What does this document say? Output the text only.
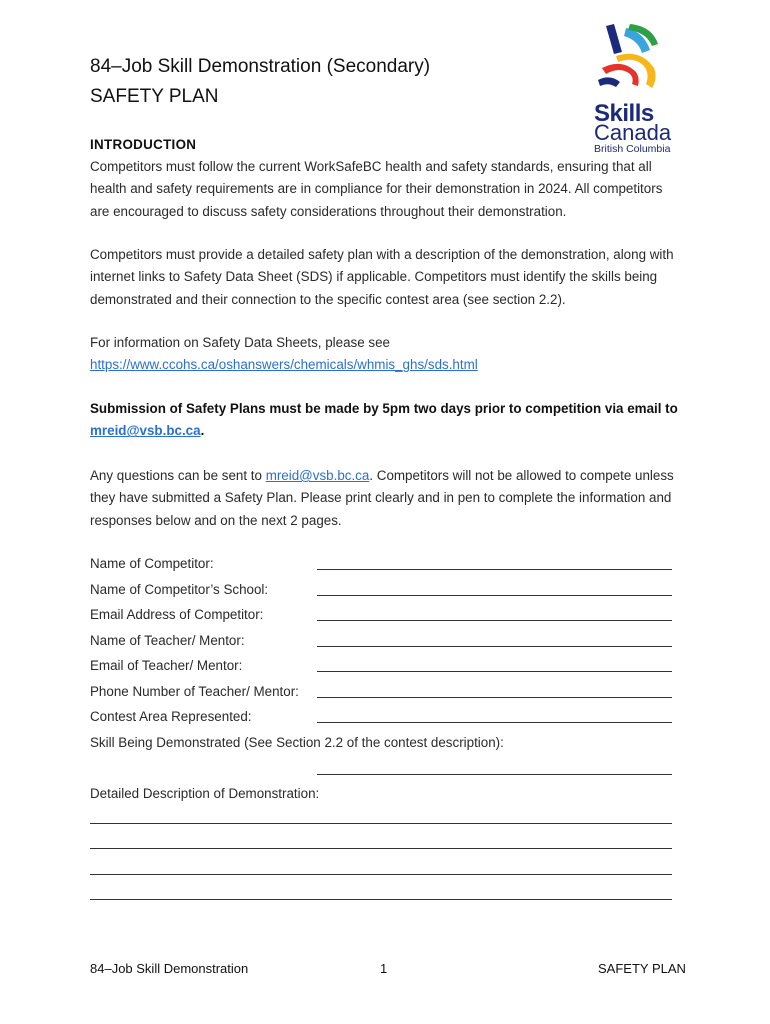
84–Job Skill Demonstration (Secondary)
SAFETY PLAN
Skills
Canada
British Columbia
INTRODUCTION
Competitors must follow the current WorkSafeBC health and safety standards, ensuring that all health and safety requirements are in compliance for their demonstration in 2024. All competitors are encouraged to discuss safety considerations throughout their demonstration.
Competitors must provide a detailed safety plan with a description of the demonstration, along with internet links to Safety Data Sheet (SDS) if applicable. Competitors must identify the skills being demonstrated and their connection to the specific contest area (see section 2.2).
For information on Safety Data Sheets, please see
https://www.ccohs.ca/oshanswers/chemicals/whmis_ghs/sds.html
Submission of Safety Plans must be made by 5pm two days prior to competition via email to mreid@vsb.bc.ca.
Any questions can be sent to mreid@vsb.bc.ca. Competitors will not be allowed to compete unless they have submitted a Safety Plan. Please print clearly and in pen to complete the information and responses below and on the next 2 pages.
Name of Competitor:
Name of Competitor’s School:
Email Address of Competitor:
Name of Teacher/ Mentor:
Email of Teacher/ Mentor:
Phone Number of Teacher/ Mentor:
Contest Area Represented:
Skill Being Demonstrated (See Section 2.2 of the contest description):
Detailed Description of Demonstration:
84–Job Skill Demonstration	1	SAFETY PLAN
